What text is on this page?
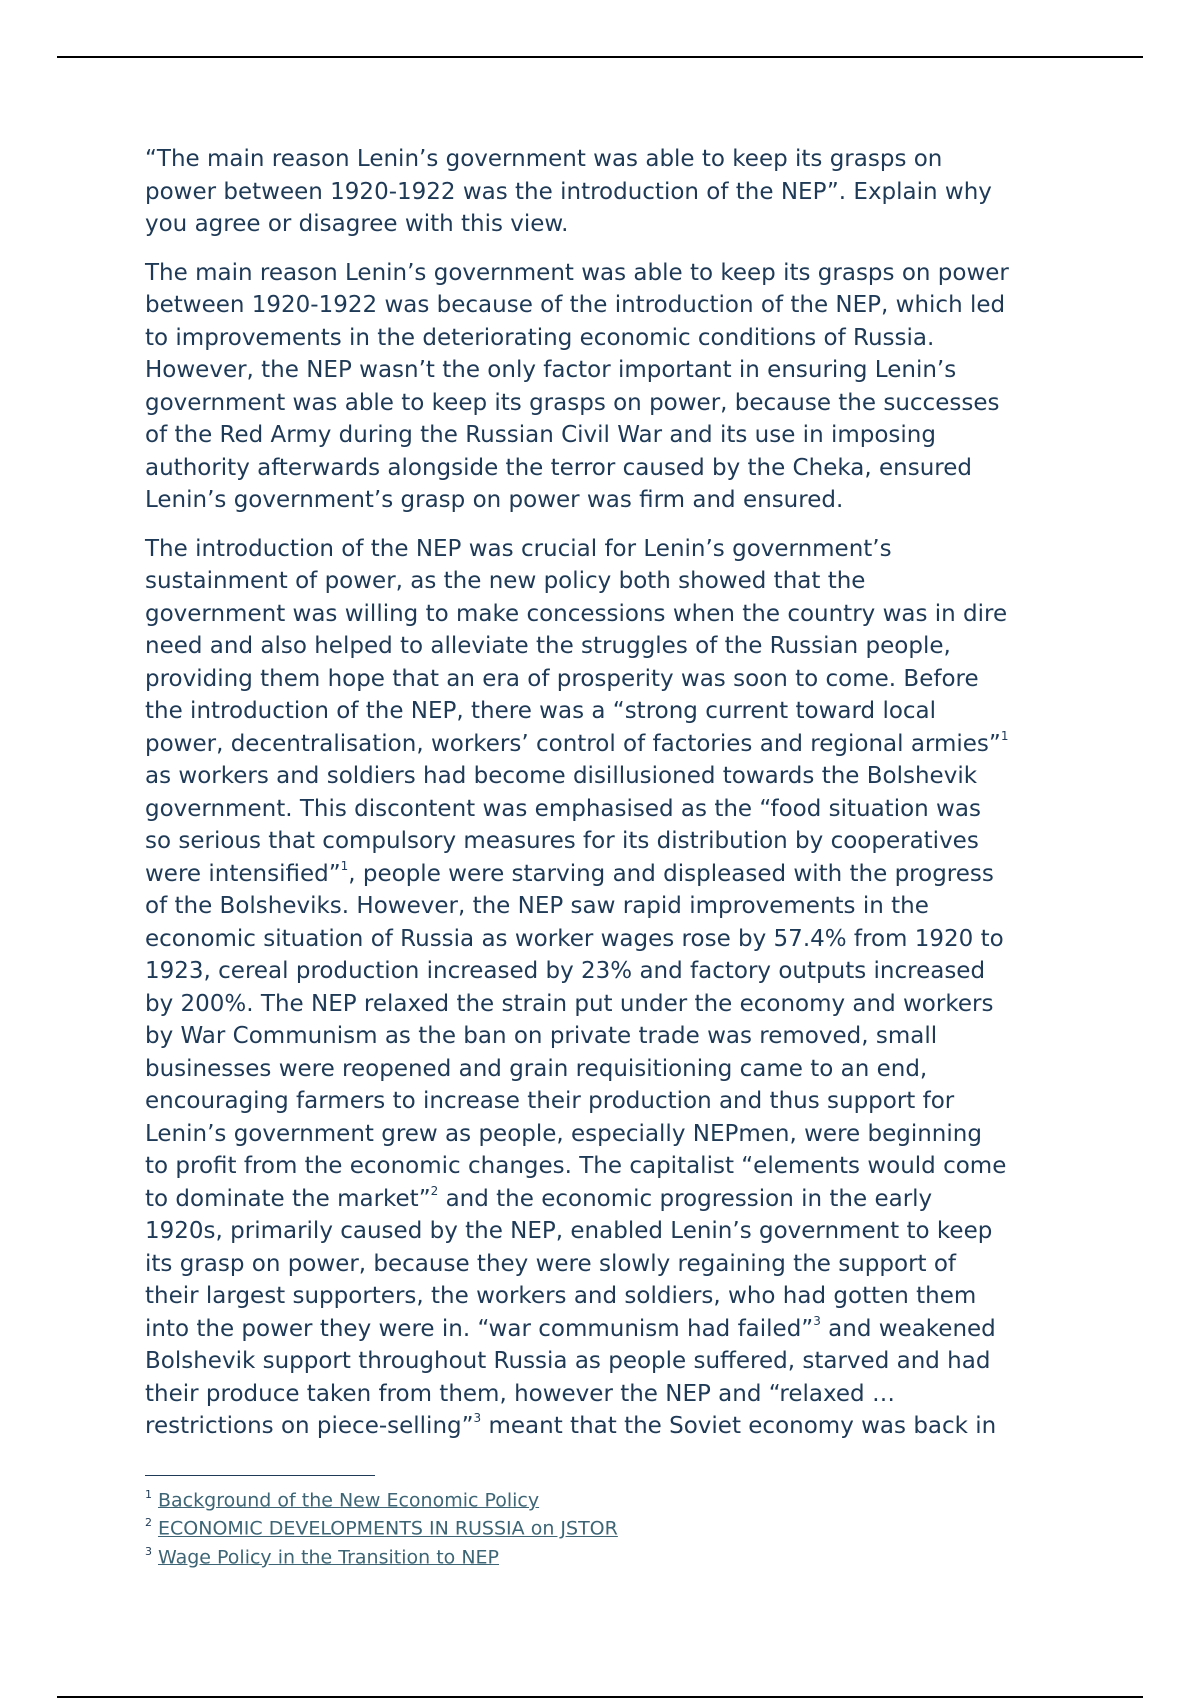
“The main reason Lenin’s government was able to keep its grasps on
power between 1920-1922 was the introduction of the NEP”. Explain why
you agree or disagree with this view.

The main reason Lenin’s government was able to keep its grasps on power
between 1920-1922 was because of the introduction of the NEP, which led
to improvements in the deteriorating economic conditions of Russia.
However, the NEP wasn’t the only factor important in ensuring Lenin’s
government was able to keep its grasps on power, because the successes
of the Red Army during the Russian Civil War and its use in imposing
authority afterwards alongside the terror caused by the Cheka, ensured
Lenin’s government’s grasp on power was firm and ensured.

The introduction of the NEP was crucial for Lenin’s government’s
sustainment of power, as the new policy both showed that the
government was willing to make concessions when the country was in dire
need and also helped to alleviate the struggles of the Russian people,
providing them hope that an era of prosperity was soon to come. Before
the introduction of the NEP, there was a “strong current toward local
power, decentralisation, workers’ control of factories and regional armies”$^1$
as workers and soldiers had become disillusioned towards the Bolshevik
government. This discontent was emphasised as the “food situation was
so serious that compulsory measures for its distribution by cooperatives
were intensified”$^1$, people were starving and displeased with the progress
of the Bolsheviks. However, the NEP saw rapid improvements in the
economic situation of Russia as worker wages rose by 57.4% from 1920 to
1923, cereal production increased by 23% and factory outputs increased
by 200%. The NEP relaxed the strain put under the economy and workers
by War Communism as the ban on private trade was removed, small
businesses were reopened and grain requisitioning came to an end,
encouraging farmers to increase their production and thus support for
Lenin’s government grew as people, especially NEPmen, were beginning
to profit from the economic changes. The capitalist “elements would come
to dominate the market”$^2$ and the economic progression in the early
1920s, primarily caused by the NEP, enabled Lenin’s government to keep
its grasp on power, because they were slowly regaining the support of
their largest supporters, the workers and soldiers, who had gotten them
into the power they were in. “war communism had failed”$^3$ and weakened
Bolshevik support throughout Russia as people suffered, starved and had
their produce taken from them, however the NEP and “relaxed …
restrictions on piece-selling”$^3$ meant that the Soviet economy was back in

$^1$ Background of the New Economic Policy
$^2$ ECONOMIC DEVELOPMENTS IN RUSSIA on JSTOR
$^3$ Wage Policy in the Transition to NEP
